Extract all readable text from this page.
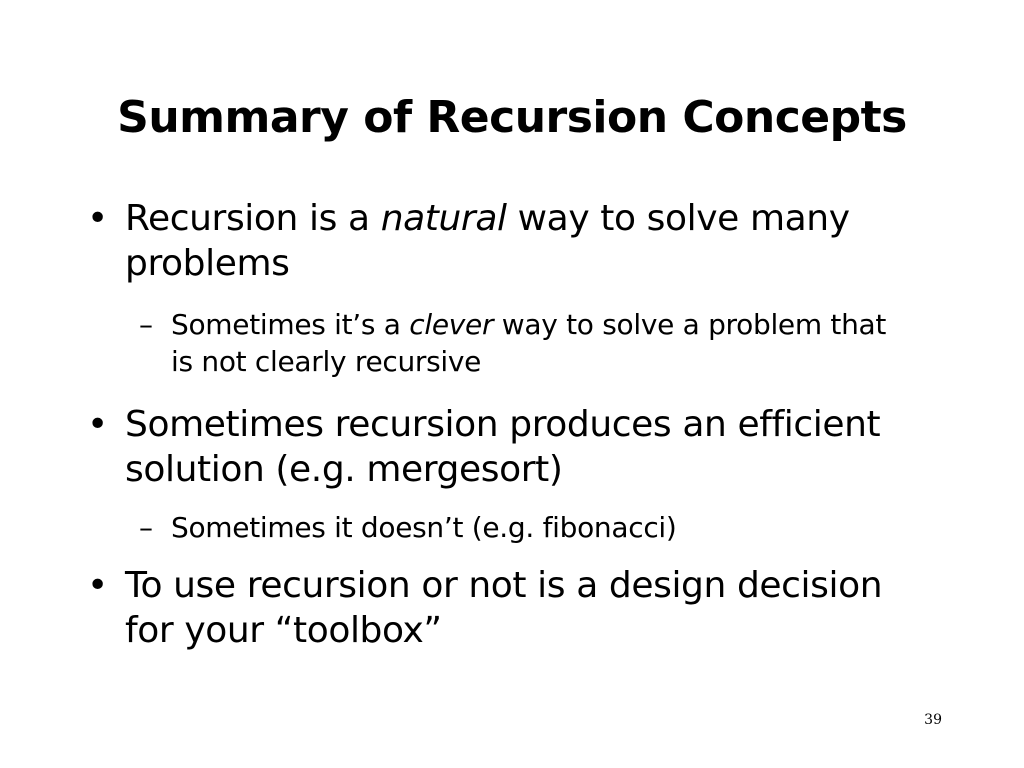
Summary of Recursion Concepts
• Recursion is a natural way to solve many problems
– Sometimes it’s a clever way to solve a problem that is not clearly recursive
• Sometimes recursion produces an efficient solution (e.g. mergesort)
– Sometimes it doesn’t (e.g. fibonacci)
• To use recursion or not is a design decision for your “toolbox”
39
